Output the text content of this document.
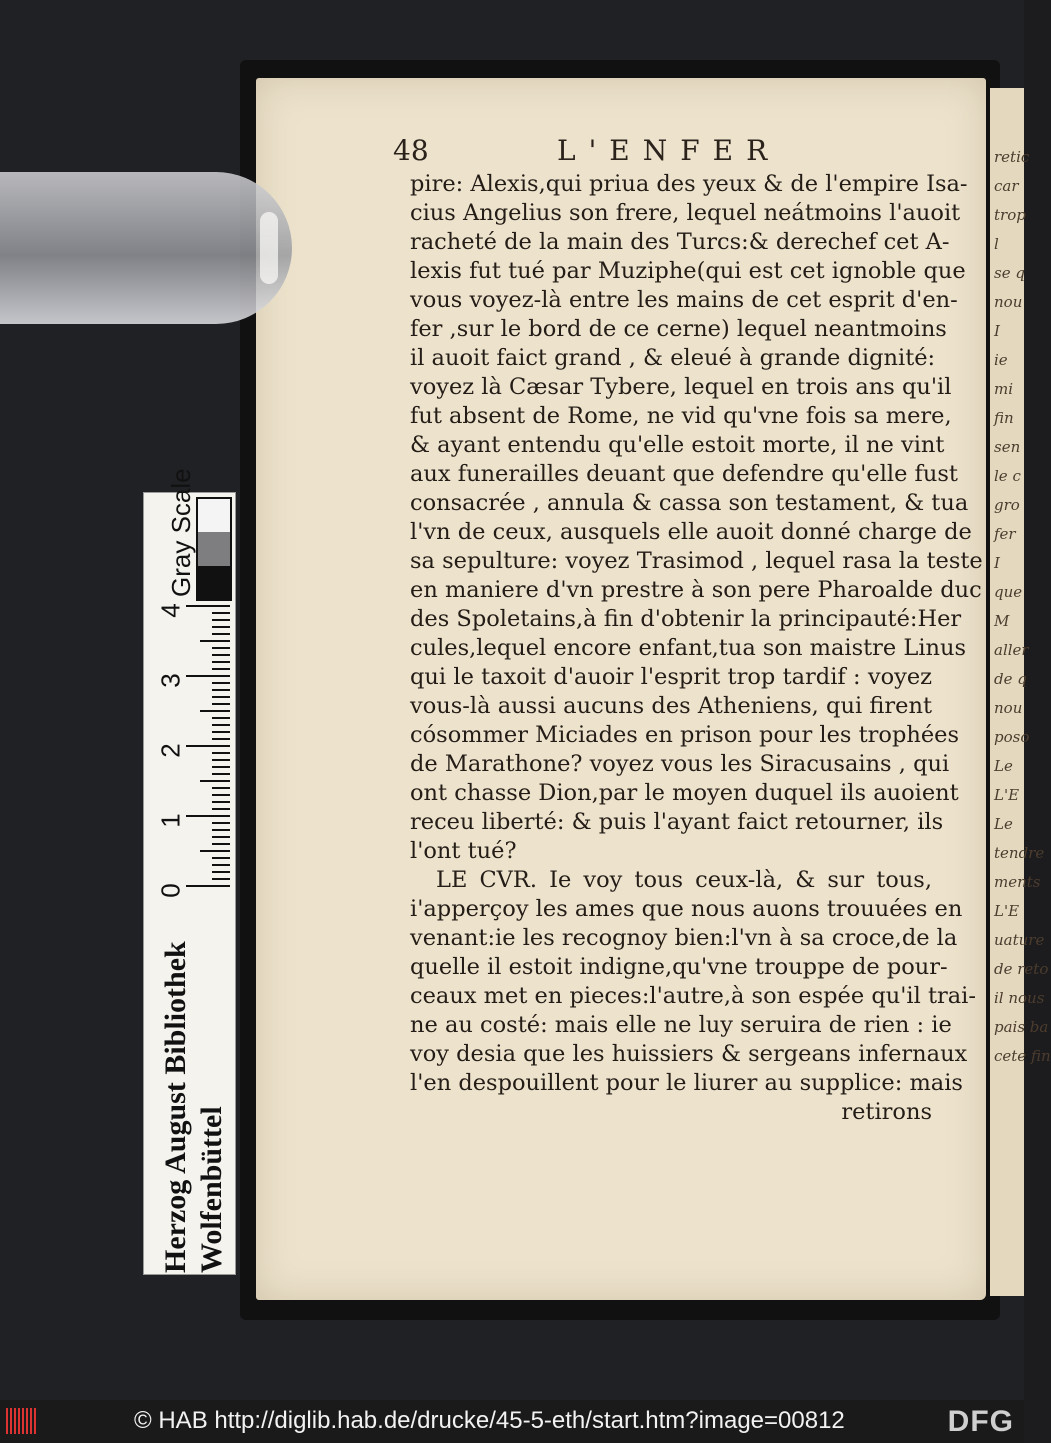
retic
car
trop
l
se q
nou
I
ie
mi
fin
sen
le c
gro
fer
I
que
M
aller
de q
nou
poso
Le
L'E
Le
tendre
ments
L'E
uature
de reto
il nous
pais ba
cete fin
48	L'ENFER
pire: Alexis,qui priua des yeux & de l'empire Isa-
cius Angelius son frere, lequel neátmoins l'auoit
racheté de la main des Turcs:& derechef cet A-
lexis fut tué par Muziphe(qui est cet ignoble que
vous voyez-là entre les mains de cet esprit d'en-
fer ,sur le bord de ce cerne) lequel neantmoins
il auoit faict grand , & eleué à grande dignité:
voyez là Cæsar Tybere, lequel en trois ans qu'il
fut absent de Rome, ne vid qu'vne fois sa mere,
& ayant entendu qu'elle estoit morte, il ne vint
aux funerailles deuant que defendre qu'elle fust
consacrée , annula & cassa son testament, & tua
l'vn de ceux, ausquels elle auoit donné charge de
sa sepulture: voyez Trasimod , lequel rasa la teste
en maniere d'vn prestre à son pere Pharoalde duc
des Spoletains,à fin d'obtenir la principauté:Her
cules,lequel encore enfant,tua son maistre Linus
qui le taxoit d'auoir l'esprit trop tardif : voyez
vous-là aussi aucuns des Atheniens, qui firent
cósommer Miciades en prison pour les trophées
de Marathone? voyez vous les Siracusains , qui
ont chasse Dion,par le moyen duquel ils auoient
receu liberté: & puis l'ayant faict retourner, ils
l'ont tué?
LE CVR. Ie voy tous ceux-là, & sur tous,
i'apperçoy les ames que nous auons trouuées en
venant:ie les recognoy bien:l'vn à sa croce,de la
quelle il estoit indigne,qu'vne trouppe de pour-
ceaux met en pieces:l'autre,à son espée qu'il trai-
ne au costé: mais elle ne luy seruira de rien : ie
voy desia que les huissiers & sergeans infernaux
l'en despouillent pour le liurer au supplice: mais
retirons
Gray Scale
4
3
2
1
0
Herzog August Bibliothek Wolfenbüttel
© HAB http://diglib.hab.de/drucke/45-5-eth/start.htm?image=00812	DFG
